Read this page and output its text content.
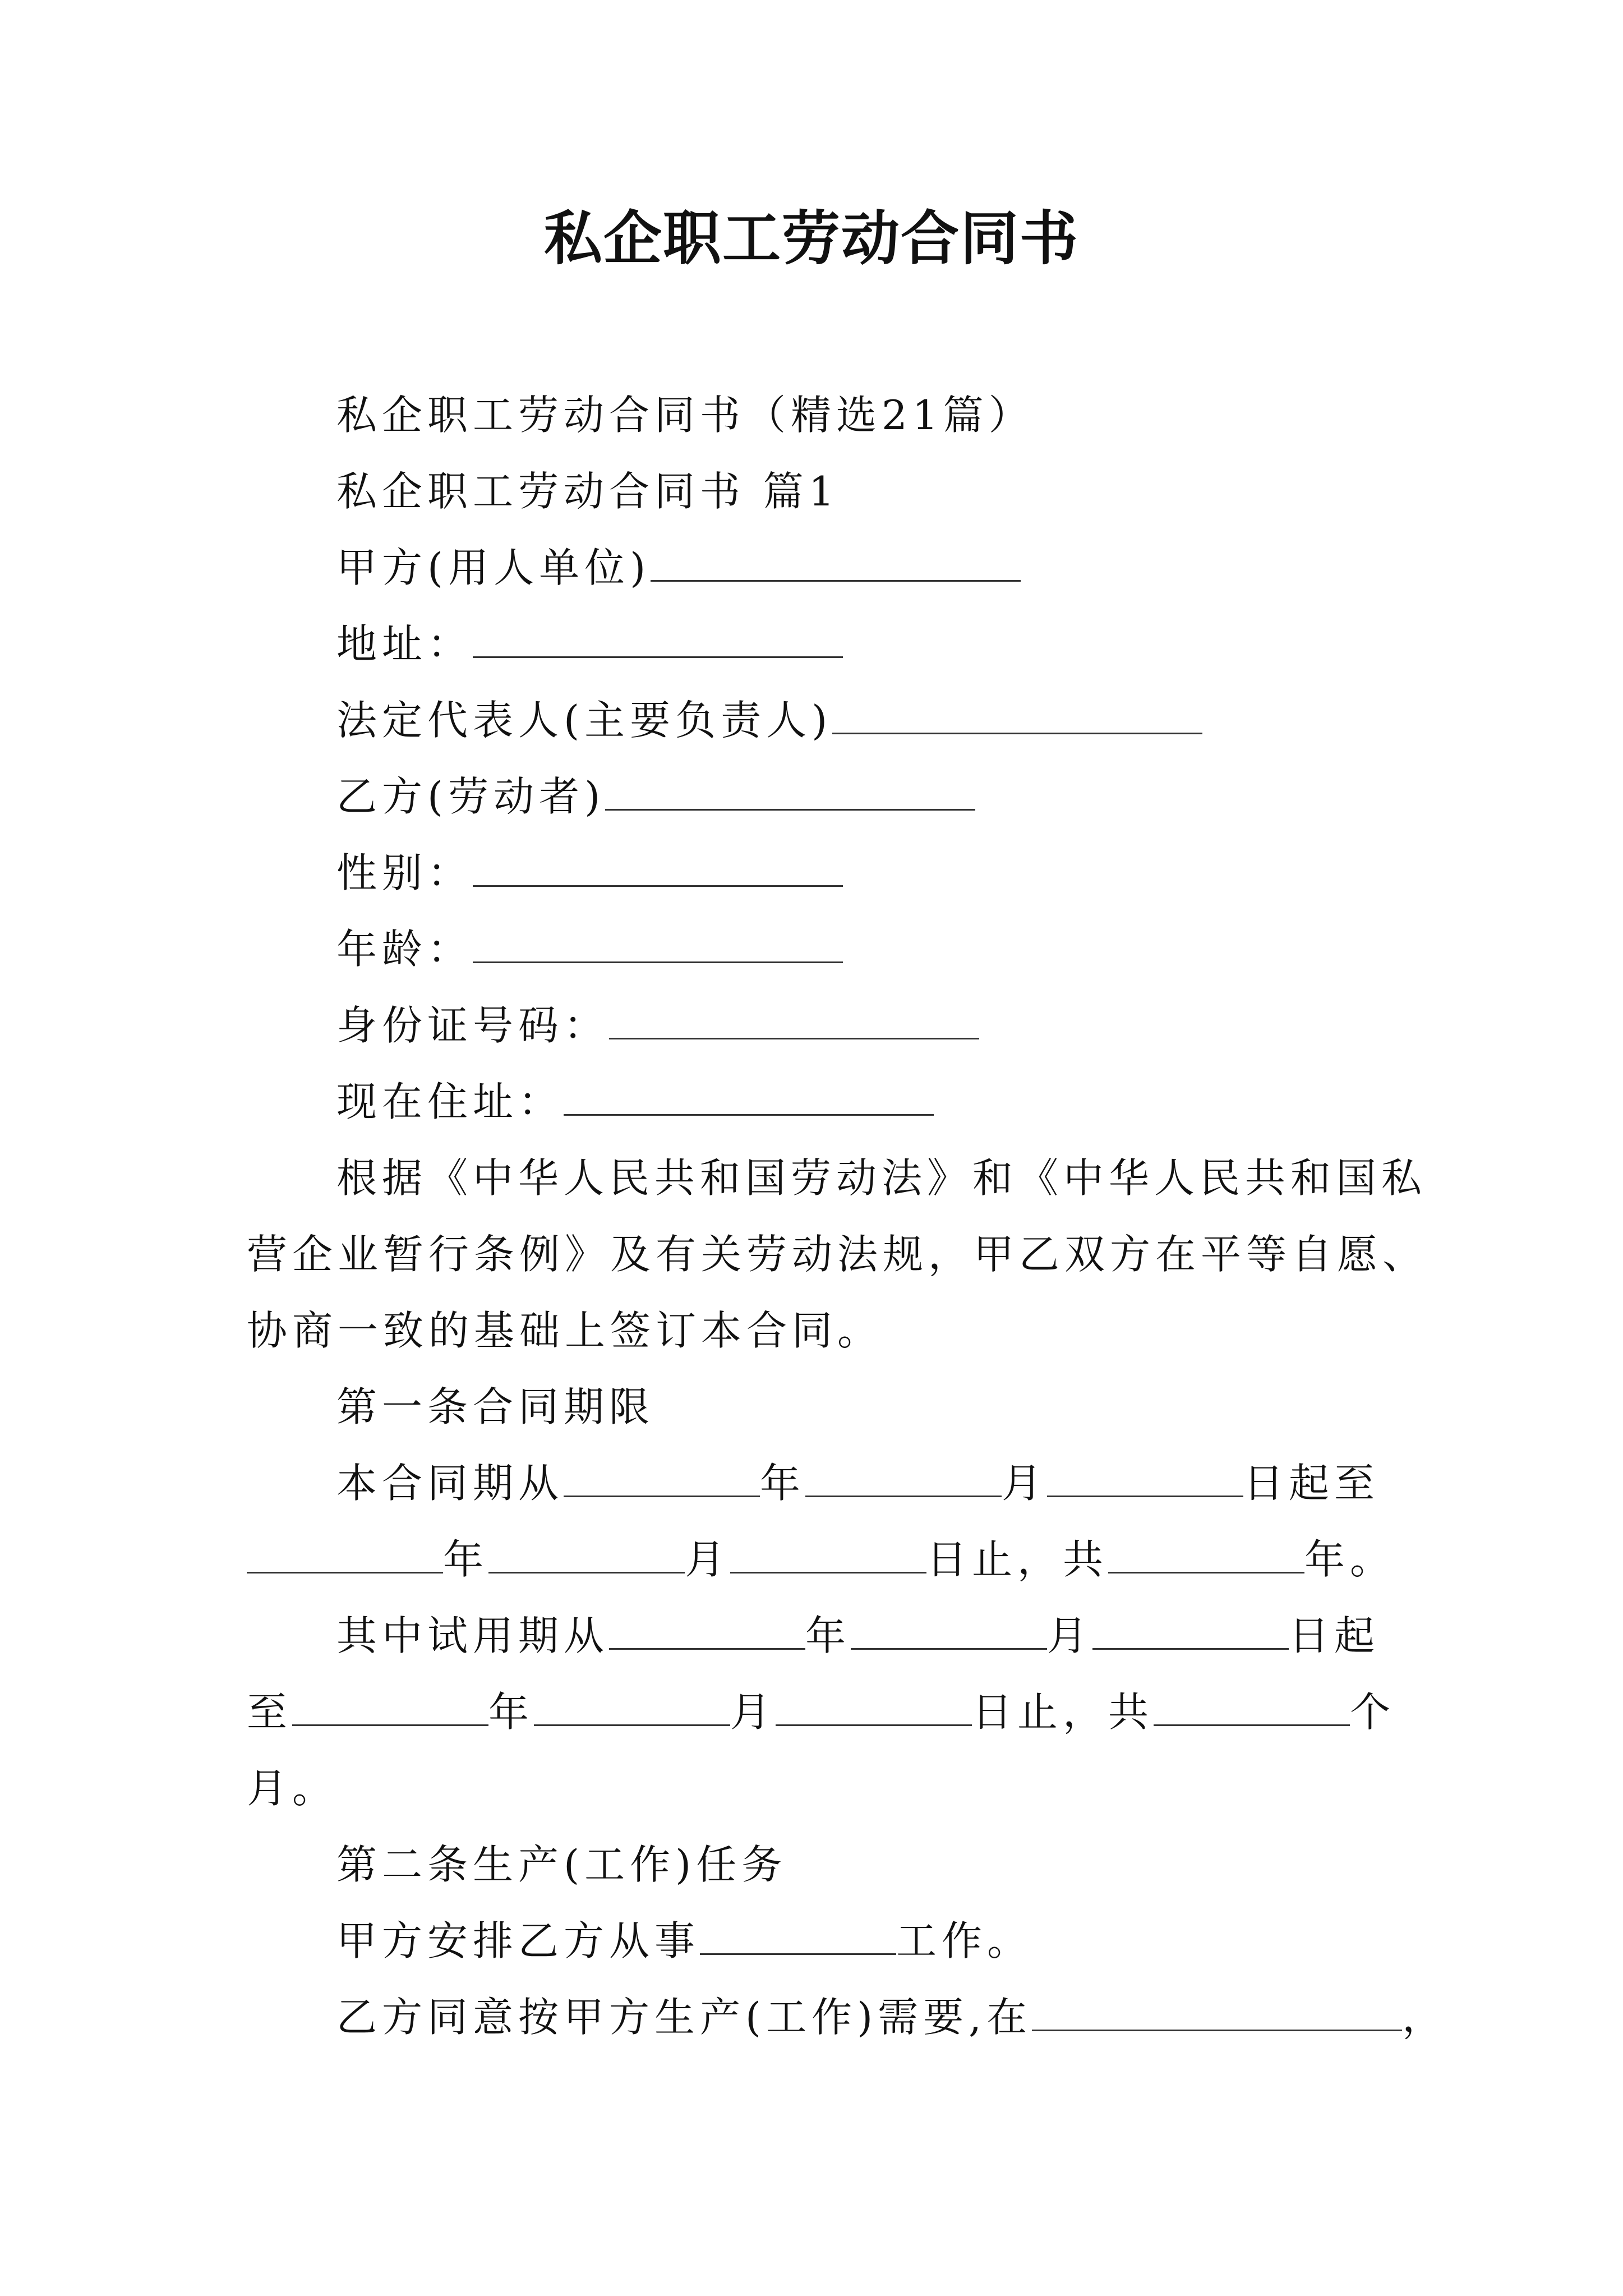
私企职工劳动合同书
私企职工劳动合同书（精选21篇）
私企职工劳动合同书 篇1
甲方(用人单位)
地址：
法定代表人(主要负责人)
乙方(劳动者)
性别：
年龄：
身份证号码：
现在住址：
根据《中华人民共和国劳动法》和《中华人民共和国私
营企业暂行条例》及有关劳动法规，甲乙双方在平等自愿、
协商一致的基础上签订本合同。
第一条合同期限
本合同期从	年	月	日起至
年	月	日止，共	年。
其中试用期从	年	月	日起
至	年	月	日止，共	个
月。
第二条生产(工作)任务
甲方安排乙方从事	工作。
乙方同意按甲方生产(工作)需要,在	，
